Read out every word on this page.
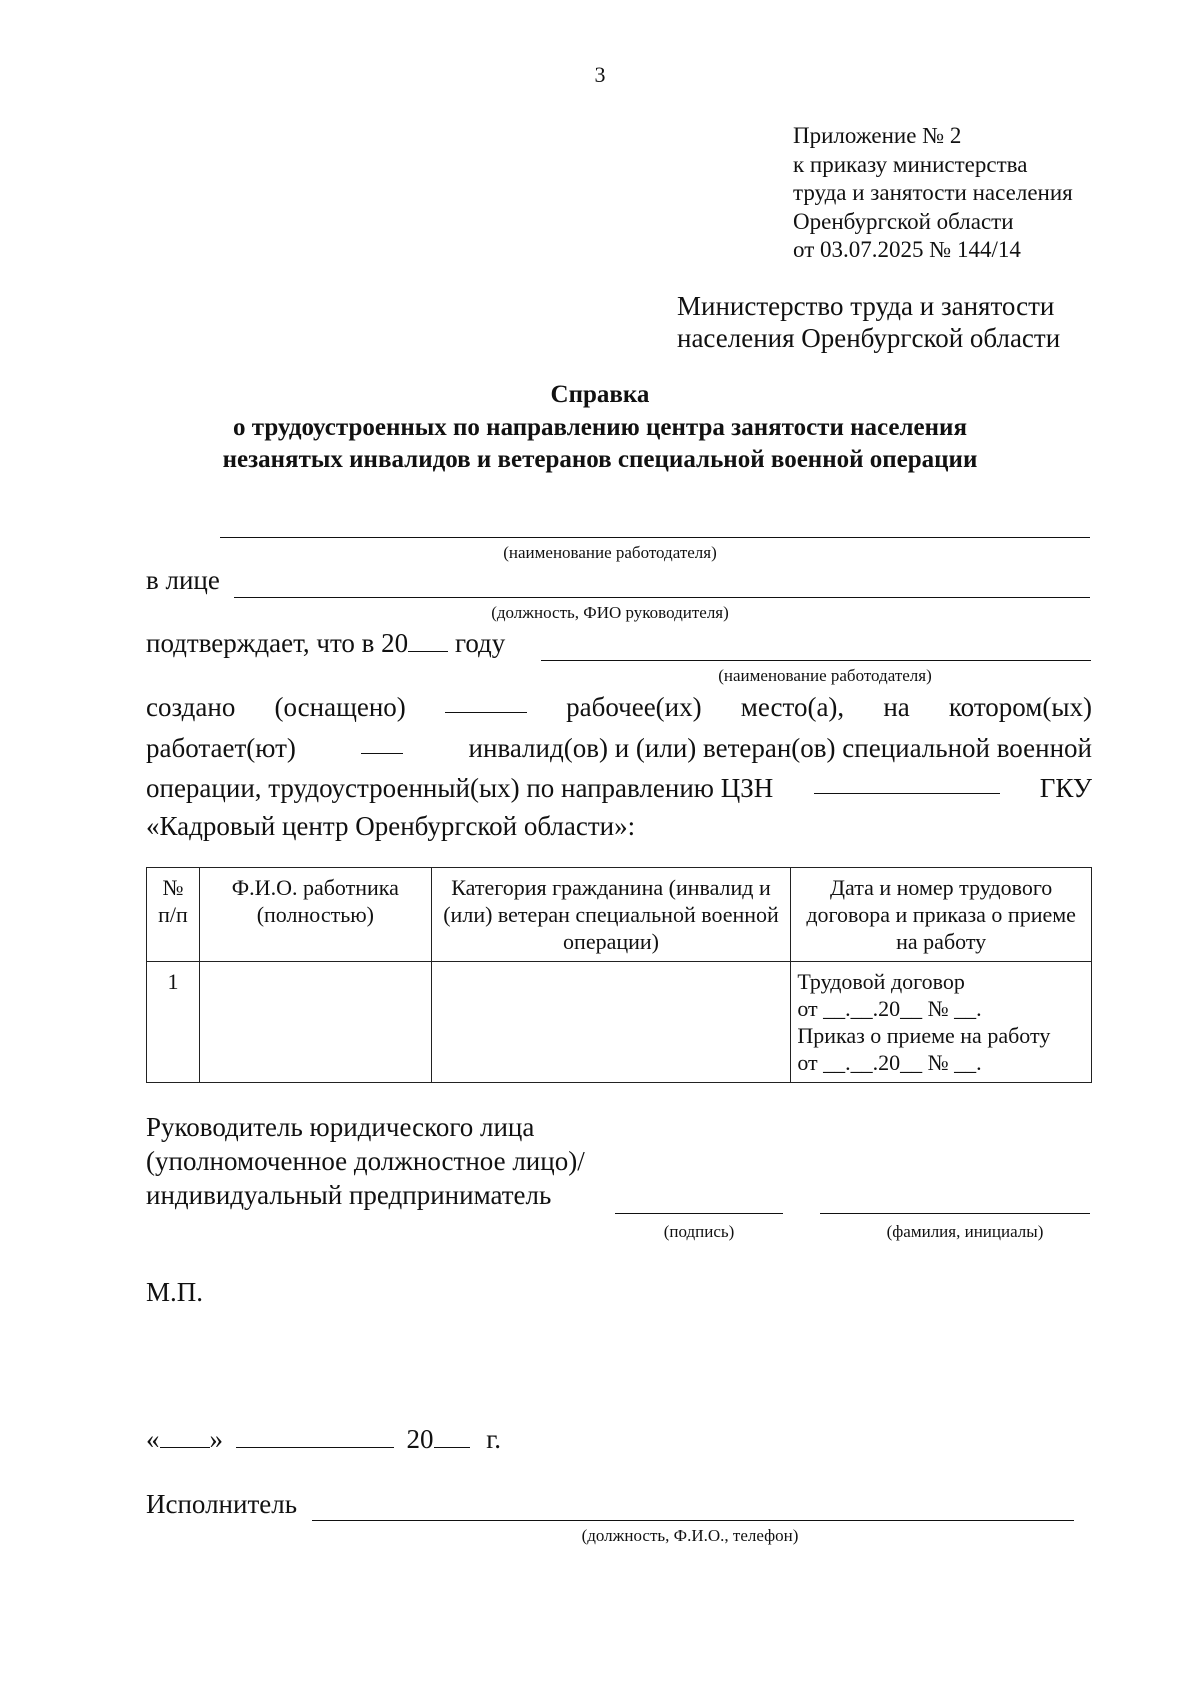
3
Приложение № 2
к приказу министерства
труда и занятости населения
Оренбургской области
от 03.07.2025 № 144/14
Министерство труда и занятости
населения Оренбургской области
Справка
о трудоустроенных по направлению центра занятости населения
незанятых инвалидов и ветеранов специальной военной операции
(наименование работодателя)
в лице
(должность, ФИО руководителя)
подтверждает, что в 20 году
(наименование работодателя)
создано (оснащено)	рабочее(их) место(а), на котором(ых)
работает(ют)	инвалид(ов) и (или) ветеран(ов) специальной военной
операции, трудоустроенный(ых) по направлению ЦЗН	ГКУ
«Кадровый центр Оренбургской области»:
№ п/п	Ф.И.О. работника (полностью)	Категория гражданина (инвалид и (или) ветеран специальной военной операции)	Дата и номер трудового договора и приказа о приеме на работу
1			Трудовой договор
от __.__.20__ № __.
Приказ о приеме на работу
от __.__.20__ № __.
Руководитель юридического лица
(уполномоченное должностное лицо)/
индивидуальный предприниматель
(подпись)	(фамилия, инициалы)
М.П.
« »	20 г.
Исполнитель
(должность, Ф.И.О., телефон)
